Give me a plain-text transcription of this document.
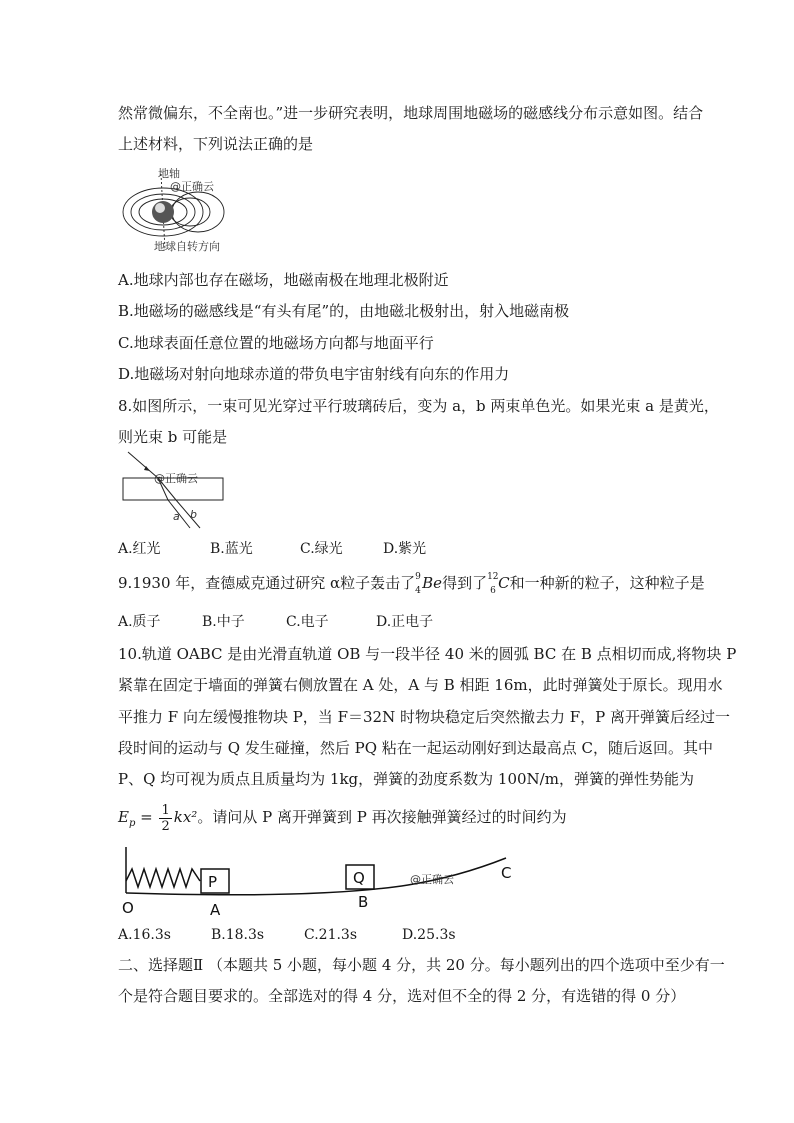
然常微偏东，不全南也。”进一步研究表明，地球周围地磁场的磁感线分布示意如图。结合
上述材料，下列说法正确的是
地轴
@正确云
地球自转方向
A.地球内部也存在磁场，地磁南极在地理北极附近
B.地磁场的磁感线是“有头有尾”的，由地磁北极射出，射入地磁南极
C.地球表面任意位置的地磁场方向都与地面平行
D.地磁场对射向地球赤道的带负电宇宙射线有向东的作用力
8.如图所示，一束可见光穿过平行玻璃砖后，变为 a，b 两束单色光。如果光束 a 是黄光，
则光束 b 可能是
@正确云
a b
A.红光	B.蓝光	C.绿光	D.紫光
9.1930 年，查德威克通过研究 α粒子轰击了 9
4 Be得到了 12
6 C和一种新的粒子，这种粒子是
A.质子	B.中子	C.电子	D.正电子
10.轨道 OABC 是由光滑直轨道 OB 与一段半径 40 米的圆弧 BC 在 B 点相切而成,将物块 P
紧靠在固定于墙面的弹簧右侧放置在 A 处，A 与 B 相距 16m，此时弹簧处于原长。现用水
平推力 F 向左缓慢推物块 P，当 F＝32N 时物块稳定后突然撤去力 F，P 离开弹簧后经过一
段时间的运动与 Q 发生碰撞，然后 PQ 粘在一起运动刚好到达最高点 C，随后返回。其中
P、Q 均可视为质点且质量均为 1kg，弹簧的劲度系数为 100N/m，弹簧的弹性势能为
$E_p = \frac{1}{2} kx^2$。请问从 P 离开弹簧到 P 再次接触弹簧经过的时间约为
P	Q
O	A	B
C
@正确云
A.16.3s	B.18.3s	C.21.3s	D.25.3s
二、选择题Ⅱ （本题共 5 小题，每小题 4 分，共 20 分。每小题列出的四个选项中至少有一
个是符合题目要求的。全部选对的得 4 分，选对但不全的得 2 分，有选错的得 0 分）
